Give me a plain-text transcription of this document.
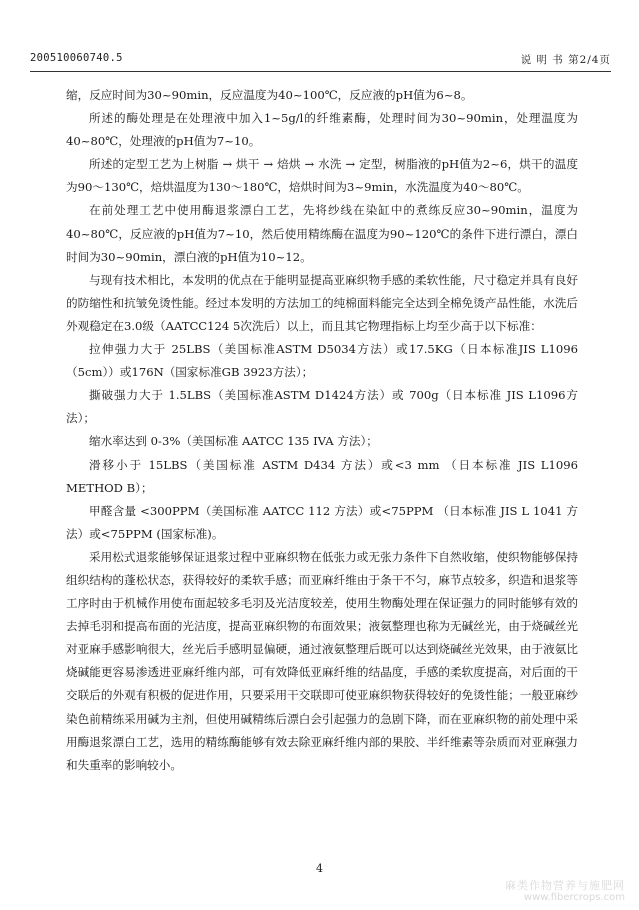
200510060740.5	说 明 书 第2/4页

缩，反应时间为30~90min，反应温度为40~100℃，反应液的pH值为6~8。

所述的酶处理是在处理液中加入1~5g/l的纤维素酶，处理时间为30~90min，处理温度为40~80℃，处理液的pH值为7~10。

所述的定型工艺为上树脂 → 烘干 → 焙烘 → 水洗 → 定型，树脂液的pH值为2~6，烘干的温度为90～130℃，焙烘温度为130～180℃，焙烘时间为3~9min，水洗温度为40～80℃。

在前处理工艺中使用酶退浆漂白工艺，先将纱线在染缸中的煮练反应30~90min，温度为40~80℃，反应液的pH值为7~10，然后使用精练酶在温度为90~120℃的条件下进行漂白，漂白时间为30~90min，漂白液的pH值为10~12。

与现有技术相比，本发明的优点在于能明显提高亚麻织物手感的柔软性能，尺寸稳定并具有良好的防缩性和抗皱免烫性能。经过本发明的方法加工的纯棉面料能完全达到全棉免烫产品性能，水洗后外观稳定在3.0级（AATCC124 5次洗后）以上，而且其它物理指标上均至少高于以下标准：

拉伸强力大于 25LBS（美国标准ASTM D5034方法）或17.5KG（日本标准JIS L1096（5cm））或176N（国家标准GB 3923方法）；

撕破强力大于 1.5LBS（美国标准ASTM D1424方法）或 700g（日本标准 JIS L1096方法）；

缩水率达到 0-3%（美国标准 AATCC 135 IVA 方法）；

滑移小于 15LBS（美国标准 ASTM D434 方法）或<3 mm （日本标准 JIS L1096 METHOD B）；

甲醛含量 <300PPM（美国标准 AATCC 112 方法）或<75PPM （日本标准 JIS L 1041 方法）或<75PPM (国家标准)。

采用松式退浆能够保证退浆过程中亚麻织物在低张力或无张力条件下自然收缩，使织物能够保持组织结构的蓬松状态，获得较好的柔软手感；而亚麻纤维由于条干不匀，麻节点较多，织造和退浆等工序时由于机械作用使布面起较多毛羽及光洁度较差，使用生物酶处理在保证强力的同时能够有效的去掉毛羽和提高布面的光洁度，提高亚麻织物的布面效果；液氨整理也称为无碱丝光，由于烧碱丝光对亚麻手感影响很大，丝光后手感明显偏硬，通过液氨整理后既可以达到烧碱丝光效果，由于液氨比烧碱能更容易渗透进亚麻纤维内部，可有效降低亚麻纤维的结晶度，手感的柔软度提高，对后面的干交联后的外观有积极的促进作用，只要采用干交联即可使亚麻织物获得较好的免烫性能；一般亚麻纱染色前精练采用碱为主剂，但使用碱精练后漂白会引起强力的急剧下降，而在亚麻织物的前处理中采用酶退浆漂白工艺，选用的精练酶能够有效去除亚麻纤维内部的果胶、半纤维素等杂质而对亚麻强力和失重率的影响较小。

4
麻类作物营养与施肥网
www.fibercrops.com
